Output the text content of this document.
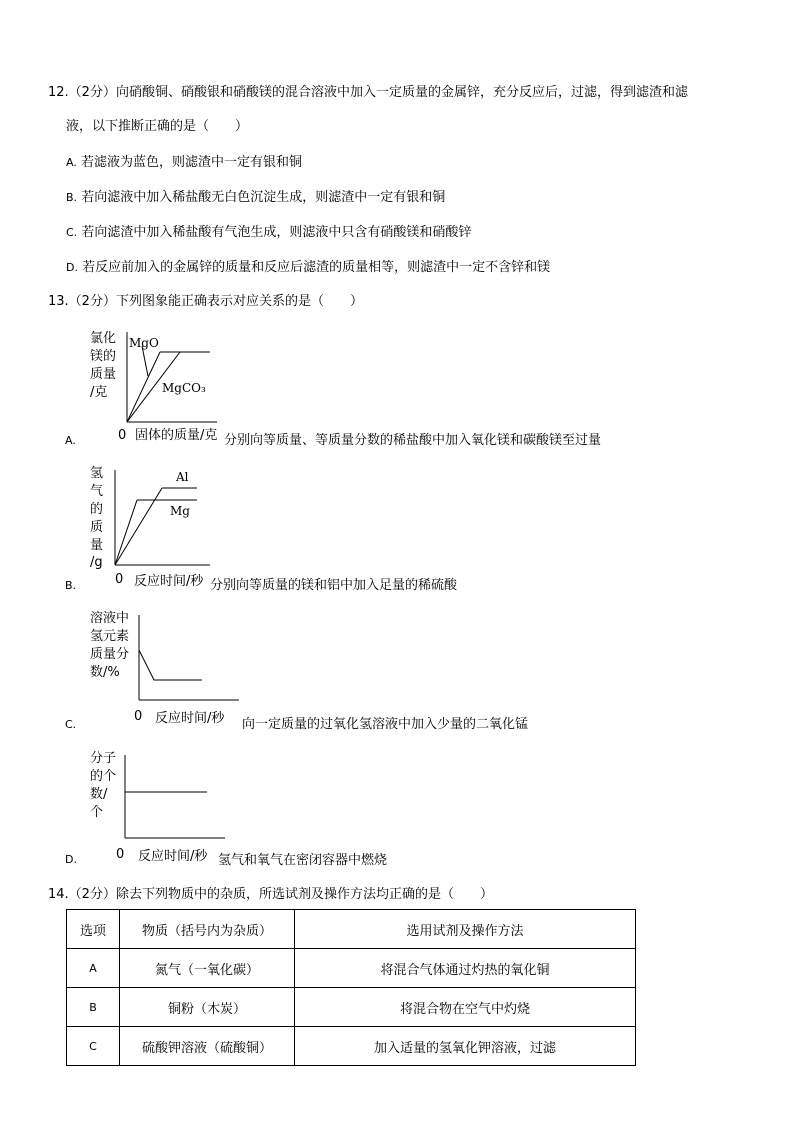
12.（2分）向硝酸铜、硝酸银和硝酸镁的混合溶液中加入一定质量的金属锌，充分反应后，过滤，得到滤渣和滤
液，以下推断正确的是（　　）
A. 若滤液为蓝色，则滤渣中一定有银和铜
B. 若向滤液中加入稀盐酸无白色沉淀生成，则滤渣中一定有银和铜
C. 若向滤渣中加入稀盐酸有气泡生成，则滤液中只含有硝酸镁和硝酸锌
D. 若反应前加入的金属锌的质量和反应后滤渣的质量相等，则滤渣中一定不含锌和镁
13.（2分）下列图象能正确表示对应关系的是（　　）
氯化
镁的
质量
/克
MgO
MgCO₃
A.	0 固体的质量/克 分别向等质量、等质量分数的稀盐酸中加入氧化镁和碳酸镁至过量
氢
气
的
质
量
/g
Al
Mg
B.	0 反应时间/秒 分别向等质量的镁和铝中加入足量的稀硫酸
溶液中
氢元素
质量分
数/%
C.
0 反应时间/秒 向一定质量的过氧化氢溶液中加入少量的二氧化锰
分子
的个
数/
个
D.	0 反应时间/秒 氢气和氧气在密闭容器中燃烧
14.（2分）除去下列物质中的杂质，所选试剂及操作方法均正确的是（　　）
选项	物质（括号内为杂质）	选用试剂及操作方法
A	氮气（一氧化碳）	将混合气体通过灼热的氧化铜
B	铜粉（木炭）	将混合物在空气中灼烧
C	硫酸钾溶液（硫酸铜）	加入适量的氢氧化钾溶液，过滤
